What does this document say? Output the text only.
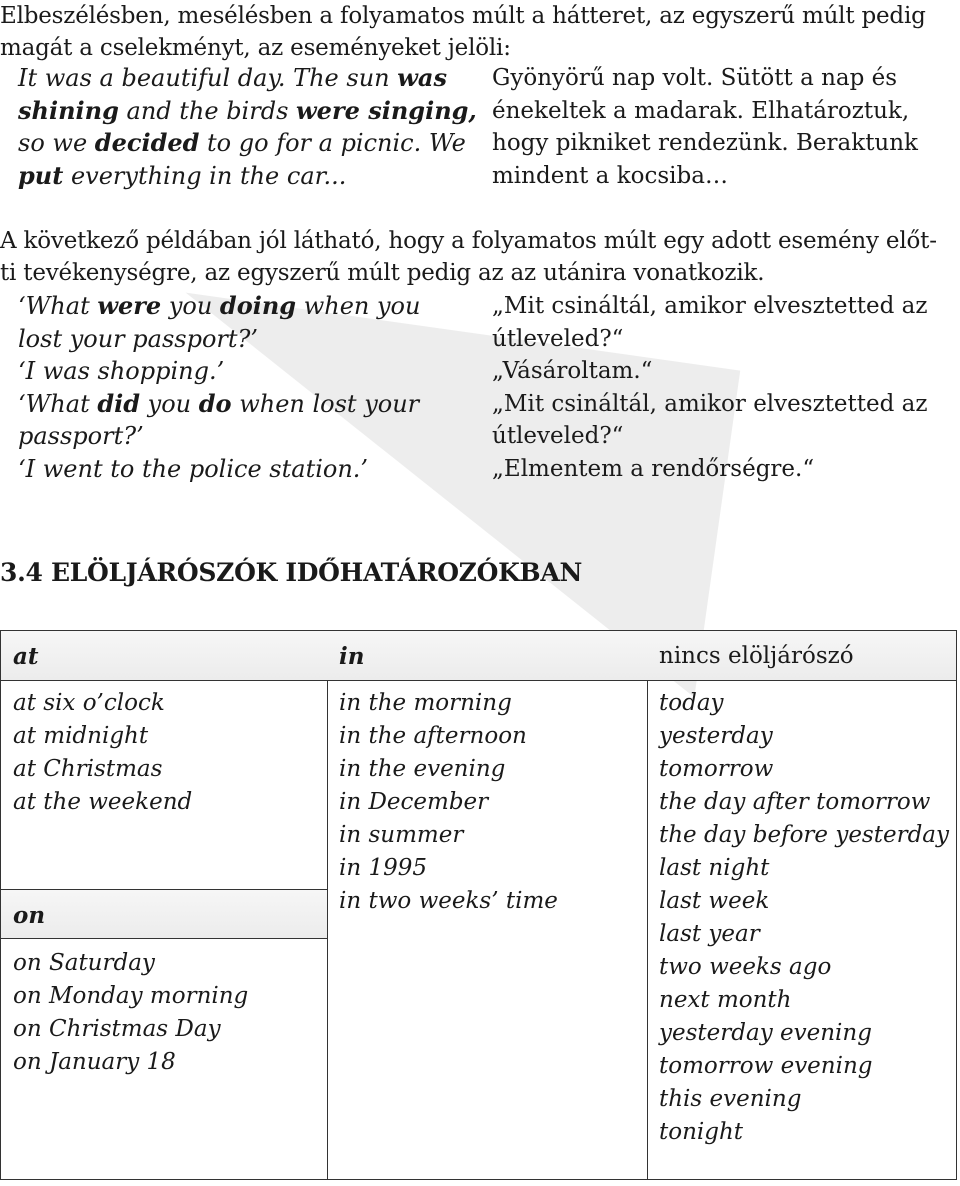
Elbeszélésben, mesélésben a folyamatos múlt a hátteret, az egyszerű múlt pedig
magát a cselekményt, az eseményeket jelöli:
It was a beautiful day. The sun was
shining and the birds were singing,
so we decided to go for a picnic. We
put everything in the car...
Gyönyörű nap volt. Sütött a nap és
énekeltek a madarak. Elhatároztuk,
hogy pikniket rendezünk. Beraktunk
mindent a kocsiba…
A következő példában jól látható, hogy a folyamatos múlt egy adott esemény előt-
ti tevékenységre, az egyszerű múlt pedig az az utánira vonatkozik.
‘What were you doing when you
lost your passport?’
‘I was shopping.’
‘What did you do when lost your
passport?’
‘I went to the police station.’
„Mit csináltál, amikor elvesztetted az
útleveled?“
„Vásároltam.“
„Mit csináltál, amikor elvesztetted az
útleveled?“
„Elmentem a rendőrségre.“
3.4 ELÖLJÁRÓSZÓK IDŐHATÁROZÓKBAN
at
at six o’clock
at midnight
at Christmas
at the weekend
on
on Saturday
on Monday morning
on Christmas Day
on January 18
in
in the morning
in the afternoon
in the evening
in December
in summer
in 1995
in two weeks’ time
nincs elöljárószó
today
yesterday
tomorrow
the day after tomorrow
the day before yesterday
last night
last week
last year
two weeks ago
next month
yesterday evening
tomorrow evening
this evening
tonight
